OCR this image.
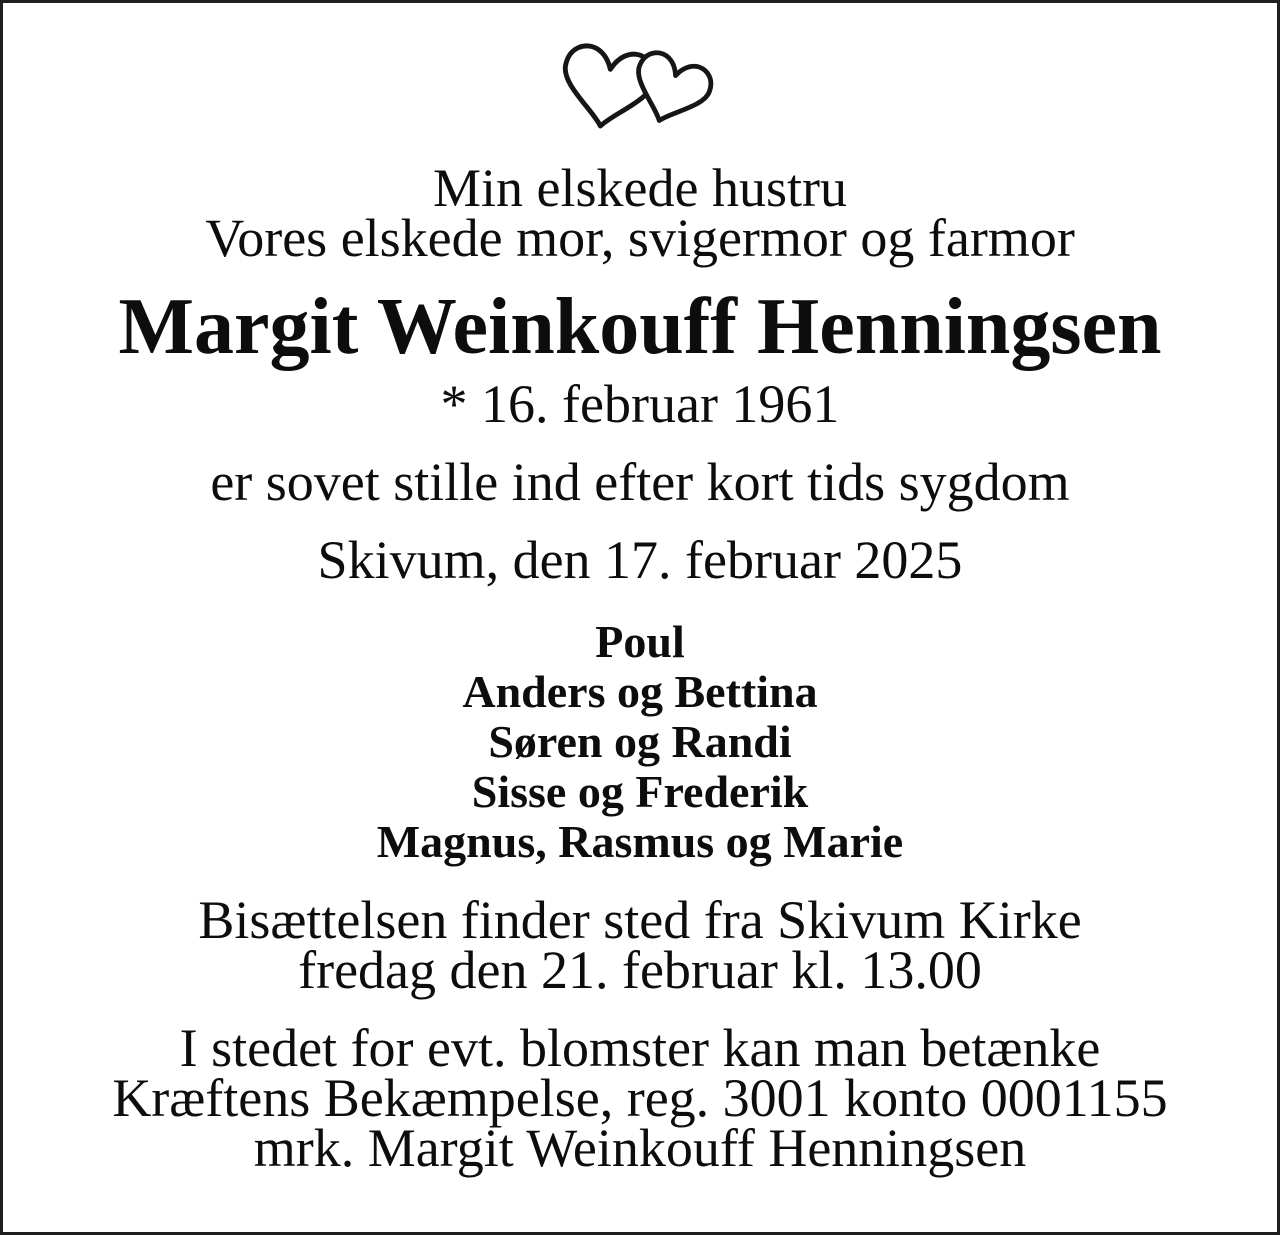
Min elskede hustru
Vores elskede mor, svigermor og farmor
Margit Weinkouff Henningsen
* 16. februar 1961
er sovet stille ind efter kort tids sygdom
Skivum, den 17. februar 2025
Poul
Anders og Bettina
Søren og Randi
Sisse og Frederik
Magnus, Rasmus og Marie
Bisættelsen finder sted fra Skivum Kirke
fredag den 21. februar kl. 13.00
I stedet for evt. blomster kan man betænke
Kræftens Bekæmpelse, reg. 3001 konto 0001155
mrk. Margit Weinkouff Henningsen
